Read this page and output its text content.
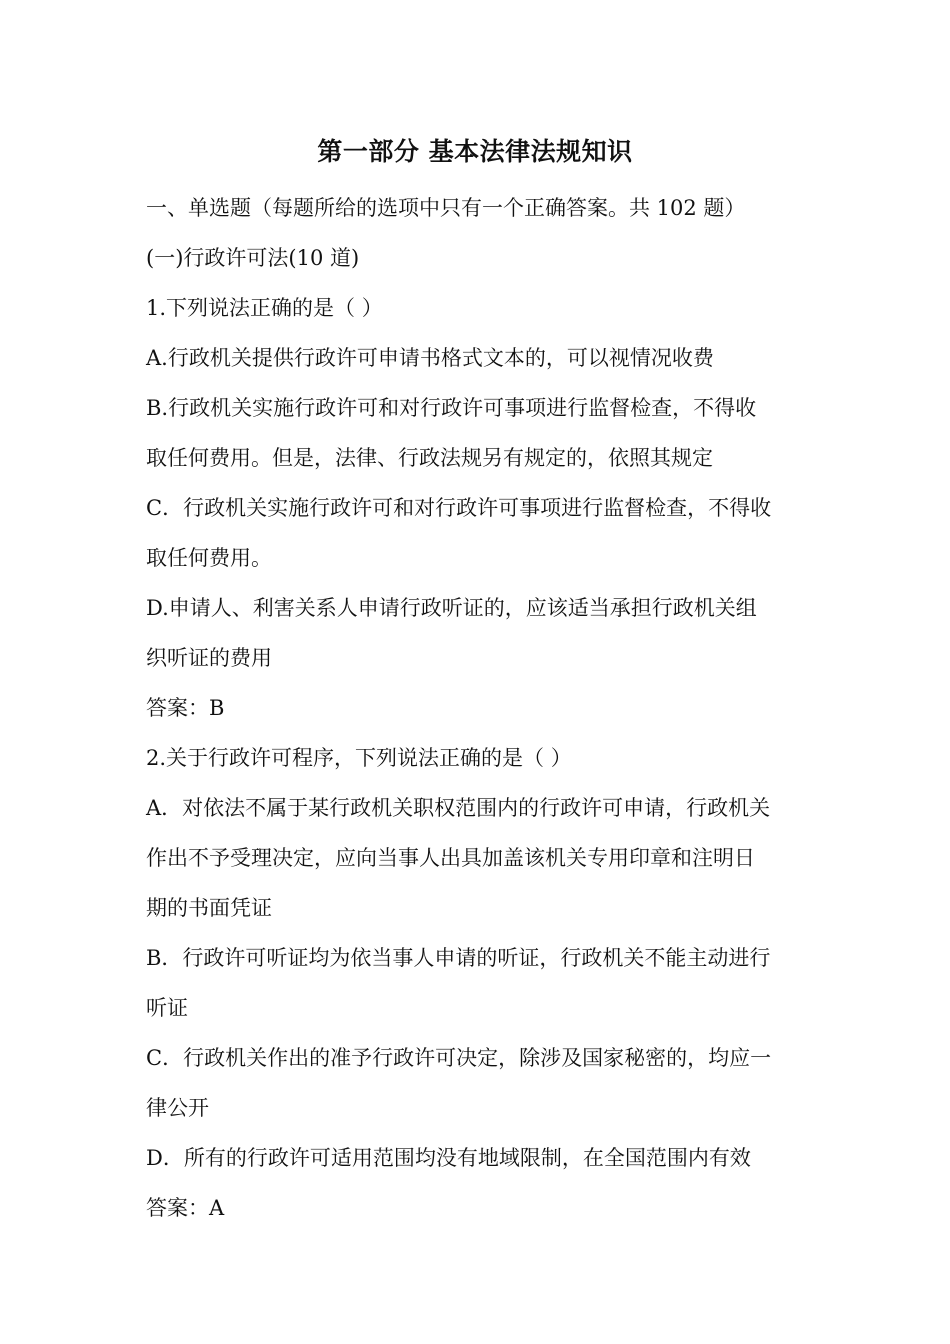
第一部分 基本法律法规知识
一、单选题（每题所给的选项中只有一个正确答案。共 102 题）
(一)行政许可法(10 道)
1.下列说法正确的是（ ）
A.行政机关提供行政许可申请书格式文本的，可以视情况收费
B.行政机关实施行政许可和对行政许可事项进行监督检查，不得收
取任何费用。但是，法律、行政法规另有规定的，依照其规定
C．行政机关实施行政许可和对行政许可事项进行监督检查，不得收
取任何费用。
D.申请人、利害关系人申请行政听证的，应该适当承担行政机关组
织听证的费用
答案：B
2.关于行政许可程序，下列说法正确的是（ ）
A．对依法不属于某行政机关职权范围内的行政许可申请，行政机关
作出不予受理决定，应向当事人出具加盖该机关专用印章和注明日
期的书面凭证
B．行政许可听证均为依当事人申请的听证，行政机关不能主动进行
听证
C．行政机关作出的准予行政许可决定，除涉及国家秘密的，均应一
律公开
D．所有的行政许可适用范围均没有地域限制，在全国范围内有效
答案：A
